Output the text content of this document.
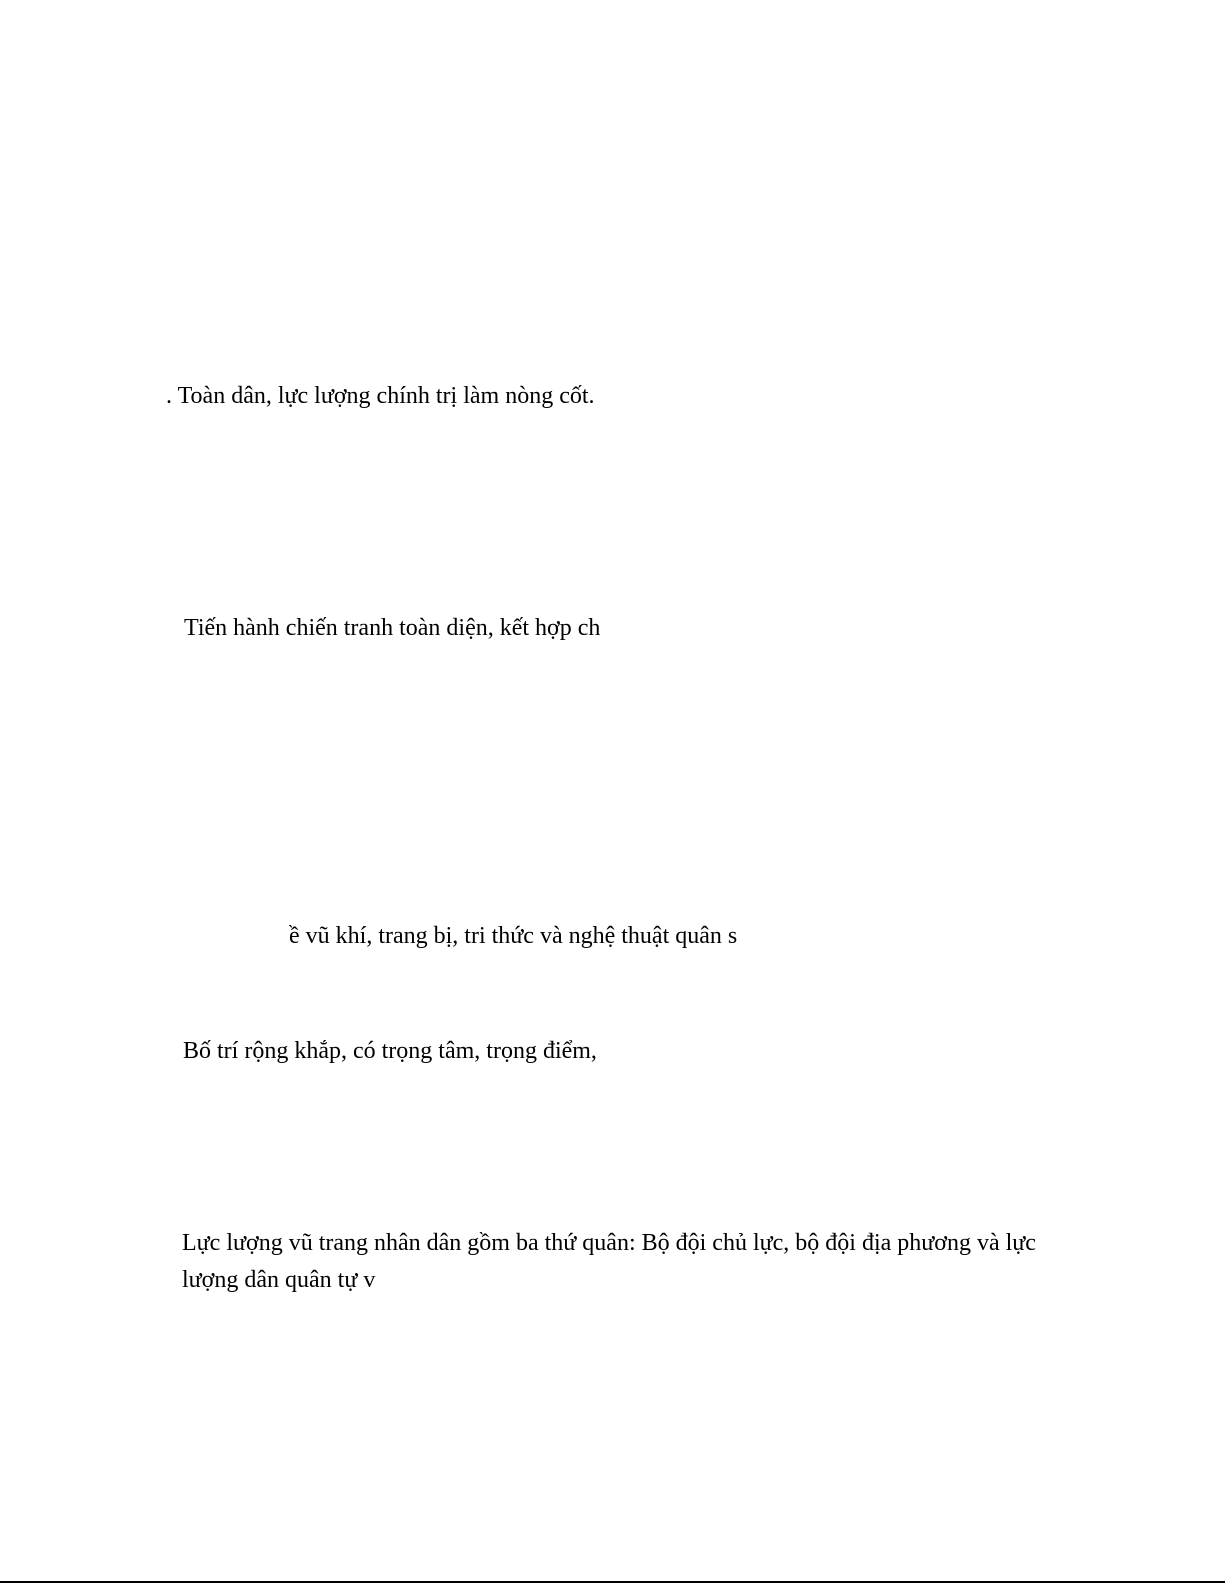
. Toàn dân, lực lượng chính trị làm nòng cốt.
Tiến hành chiến tranh toàn diện, kết hợp ch
ề vũ khí, trang bị, tri thức và nghệ thuật quân s
Bố trí rộng khắp, có trọng tâm, trọng điểm,
Lực lượng vũ trang nhân dân gồm ba thứ quân: Bộ đội chủ lực, bộ đội địa phương và lực
lượng dân quân tự v
